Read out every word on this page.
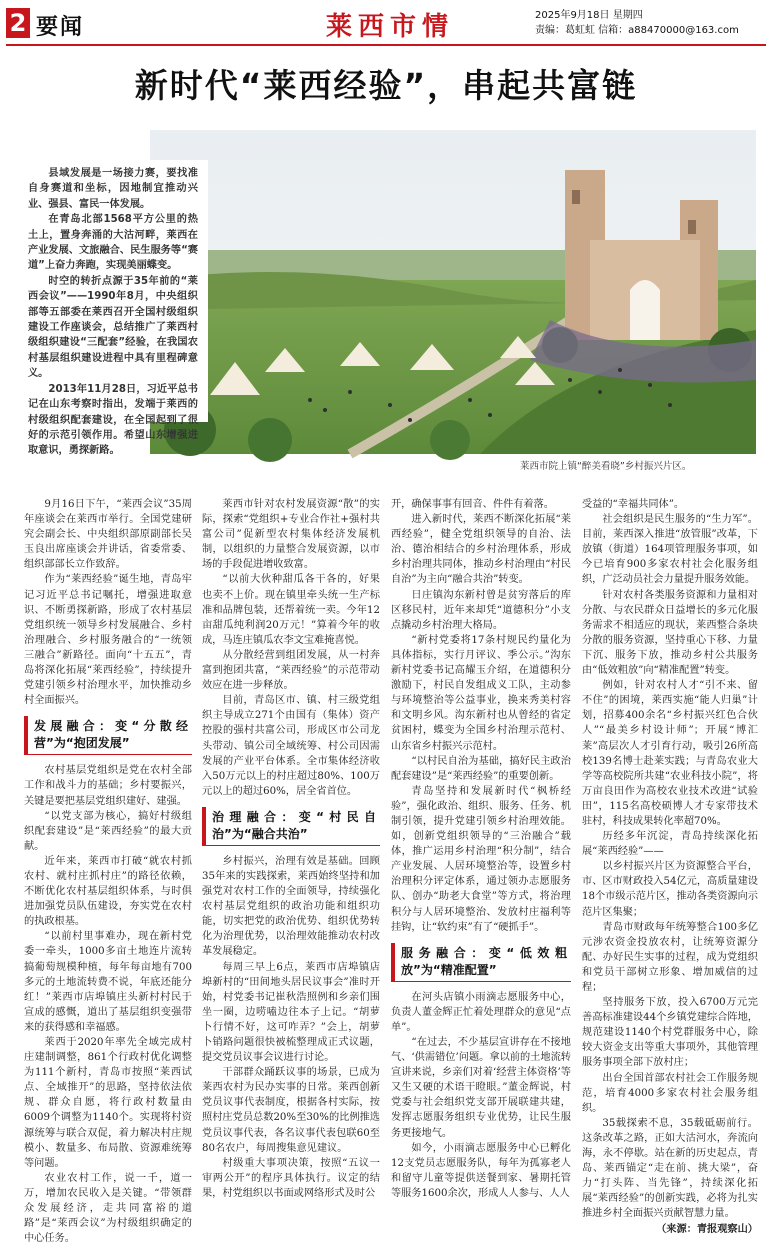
2 要闻	莱西市情	2025年9月18日 星期四
责编：葛虹虹 信箱：a88470000@163.com
新时代“莱西经验”，串起共富链
莱西市院上镇“醉美看晓”乡村振兴片区。

县域发展是一场接力赛，要找准自身赛道和坐标，因地制宜推动兴业、强县、富民一体发展。

在青岛北部1568平方公里的热土上，置身奔涌的大沽河畔，莱西在产业发展、文旅融合、民生服务等“赛道”上奋力奔跑，实现美丽蝶变。

时空的转折点源于35年前的“莱西会议”——1990年8月，中央组织部等五部委在莱西召开全国村级组织建设工作座谈会，总结推广了莱西村级组织建设“三配套”经验，在我国农村基层组织建设进程中具有里程碑意义。

2013年11月28日，习近平总书记在山东考察时指出，发端于莱西的村级组织配套建设，在全国起到了很好的示范引领作用。希望山东增强进取意识，勇探新路。

9月16日下午，“莱西会议”35周年座谈会在莱西市举行。全国党建研究会副会长、中央组织部原副部长吴玉良出席座谈会并讲话，省委常委、组织部部长立作致辞。

作为“莱西经验”诞生地，青岛牢记习近平总书记嘱托，增强进取意识、不断勇探新路，形成了农村基层党组织统一领导乡村发展融合、乡村治理融合、乡村服务融合的“一统领三融合”新路径。面向“十五五”，青岛将深化拓展“莱西经验”，持续提升党建引领乡村治理水平，加快推动乡村全面振兴。

发展融合：变“分散经营”为“抱团发展”

农村基层党组织是党在农村全部工作和战斗力的基础；乡村要振兴，关键是要把基层党组织建好、建强。

“以党支部为核心，搞好村级组织配套建设”是“莱西经验”的最大贡献。

近年来，莱西市打破“就农村抓农村、就村庄抓村庄”的路径依赖，不断优化农村基层组织体系，与时俱进加强党员队伍建设，夯实党在农村的执政根基。

“以前村里事难办，现在新村党委一牵头，1000多亩土地连片流转搞葡萄规模种植，每年每亩地有700多元的土地流转费不说，年底还能分红！”莱西市店埠镇庄头新村村民于宣成的感慨，道出了基层组织变强带来的获得感和幸福感。

莱西于2020年率先全域完成村庄建制调整，861个行政村优化调整为111个新村，青岛市按照“莱西试点、全域推开”的思路，坚持依法依规、群众自愿，将行政村数量由6009个调整为1140个。实现将村资源统筹与联合双促，着力解决村庄规模小、数量多、布局散、资源难统筹等问题。

农业农村工作，说一千，道一万，增加农民收入是关键。“带领群众发展经济，走共同富裕的道路”是“莱西会议”为村级组织确定的中心任务。

莱西市针对农村发展资源“散”的实际，探索“党组织+专业合作社+强村共富公司”促新型农村集体经济发展机制，以组织的力量整合发展资源，以市场的手段促进增收致富。

“以前大伙种甜瓜各干各的，好果也卖不上价。现在镇里牵头统一生产标准和品牌包装，还帮着统一卖。今年12亩甜瓜纯利润20万元！”算着今年的收成，马连庄镇瓜农李文宝难掩喜悦。

从分散经营到组团发展，从一村奔富到抱团共富，“莱西经验”的示范带动效应在进一步释放。

目前，青岛区市、镇、村三级党组织主导成立271个由国有（集体）资产控股的强村共富公司，形成区市公司龙头带动、镇公司全域统筹、村公司因需发展的产业平台体系。全市集体经济收入50万元以上的村庄超过80%、100万元以上的超过60%，居全省首位。

治理融合：变“村民自治”为“融合共治”

乡村振兴，治理有效是基础。回顾35年来的实践探索，莱西始终坚持和加强党对农村工作的全面领导，持续强化农村基层党组织的政治功能和组织功能，切实把党的政治优势、组织优势转化为治理优势，以治理效能推动农村改革发展稳定。

每周三早上6点，莱西市店埠镇店埠新村的“田间地头居民议事会”准时开始，村党委书记崔秋浩照例和乡亲们围坐一圈，边唠嗑边往本子上记。“胡萝卜行情不好，这可咋弄？”会上，胡萝卜销路问题很快被梳整理成正式议题，提交党员议事会议进行讨论。

干部群众踊跃议事的场景，已成为莱西农村为民办实事的日常。莱西创新党员议事代表制度，根据各村实际，按照村庄党员总数20%至30%的比例推选党员议事代表，各名议事代表包联60至80名农户，每周搜集意见建议。

村级重大事项决策，按照“五议一审两公开”的程序具体执行。议定的结果，村党组织以书面或网络形式及时公

开，确保事事有回音、件件有着落。

进入新时代，莱西不断深化拓展“莱西经验”，健全党组织领导的自治、法治、德治相结合的乡村治理体系，形成乡村治理共同体，推动乡村治理由“村民自治”为主向“融合共治”转变。

日庄镇沟东新村曾是贫穷落后的库区移民村，近年来却凭“道德积分”小支点撬动乡村治理大格局。

“新村党委将17条村规民约量化为具体指标，实行月评议、季公示。”沟东新村党委书记高耀玉介绍，在道德积分激励下，村民自发组成义工队，主动参与环境整治等公益事业，换来秀美村容和文明乡风。沟东新村也从曾经的省定贫困村，蝶变为全国乡村治理示范村、山东省乡村振兴示范村。

“以村民自治为基础，搞好民主政治配套建设”是“莱西经验”的重要创新。

青岛坚持和发展新时代“枫桥经验”，强化政治、组织、服务、任务、机制引领，提升党建引领乡村治理效能。如，创新党组织领导的“三治融合”载体，推广运用乡村治理“积分制”，结合产业发展、人居环境整治等，设置乡村治理积分评定体系，通过领办志愿服务队、创办“助老大食堂”等方式，将治理积分与人居环境整治、发放村庄福利等挂钩，让“软约束”有了“硬抓手”。

服务融合：变“低效粗放”为“精准配置”

在河头店镇小雨滴志愿服务中心，负责人董金辉正忙着处理群众的意见“点单”。

“在过去，不少基层宣讲存在不接地气、‘供需错位’问题。拿以前的土地流转宣讲来说，乡亲们对着‘经营主体资格’等又生又硬的术语干瞪眼。”董金辉说，村党委与社会组织党支部开展联建共建，发挥志愿服务组织专业优势，让民生服务更接地气。

如今，小雨滴志愿服务中心已孵化12支党员志愿服务队，每年为孤寡老人和留守儿童等提供送餐到家、暑期托管等服务1600余次，形成人人参与、人人

受益的“幸福共同体”。

社会组织是民生服务的“生力军”。目前，莱西深入推进“放管服”改革，下放镇（街道）164项管理服务事项，如今已培育900多家农村社会化服务组织，广泛动员社会力量提升服务效能。

针对农村各类服务资源和力量相对分散、与农民群众日益增长的多元化服务需求不相适应的现状，莱西整合条块分散的服务资源，坚持重心下移、力量下沉、服务下放，推动乡村公共服务由“低效粗放”向“精准配置”转变。

例如，针对农村人才“引不来、留不住”的困境，莱西实施“能人归巢”计划，招募400余名“乡村振兴红色合伙人”“最美乡村设计师”；开展“博汇莱”高层次人才引育行动，吸引26所高校139名博士赴莱实践；与青岛农业大学等高校院所共建“农业科技小院”，将万亩良田作为高校农业技术改进“试验田”，115名高校硕博人才专家带技术驻村，科技成果转化率超70%。

历经多年沉淀，青岛持续深化拓展“莱西经验”——

以乡村振兴片区为资源整合平台，市、区市财政投入54亿元，高质量建设18个市级示范片区，推动各类资源向示范片区集聚；

青岛市财政每年统筹整合100多亿元涉农资金投放农村，让统筹资源分配、办好民生实事的过程，成为党组织和党员干部树立形象、增加威信的过程；

坚持服务下放，投入6700万元完善高标准建设44个乡镇党建综合阵地，规范建设1140个村党群服务中心，除较大资金支出等重大事项外，其他管理服务事项全部下放村庄；

出台全国首部农村社会工作服务规范，培育4000多家农村社会服务组织。

35载探索不息，35载砥砺前行。这条改革之路，正如大沽河水，奔流向海，永不停歇。站在新的历史起点，青岛、莱西锚定“走在前、挑大梁”，奋力“打头阵、当先锋”，持续深化拓展“莱西经验”的创新实践，必将为扎实推进乡村全面振兴贡献智慧力量。

（来源：青报观察山）
